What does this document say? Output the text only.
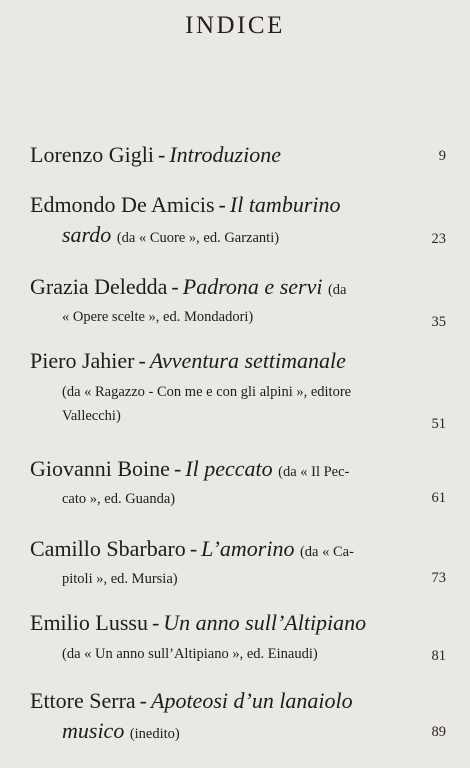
INDICE
Lorenzo Gigli - Introduzione	9
Edmondo De Amicis - Il tamburino
sardo (da « Cuore », ed. Garzanti)	23
Grazia Deledda - Padrona e servi (da
« Opere scelte », ed. Mondadori)	35
Piero Jahier - Avventura settimanale
(da « Ragazzo - Con me e con gli alpini », editore
Vallecchi)	51
Giovanni Boine - Il peccato (da « Il Pec-
cato », ed. Guanda)	61
Camillo Sbarbaro - L’amorino (da « Ca-
pitoli », ed. Mursia)	73
Emilio Lussu - Un anno sull’Altipiano
(da « Un anno sull’Altipiano », ed. Einaudi)	81
Ettore Serra - Apoteosi d’un lanaiolo
musico (inedito)	89
